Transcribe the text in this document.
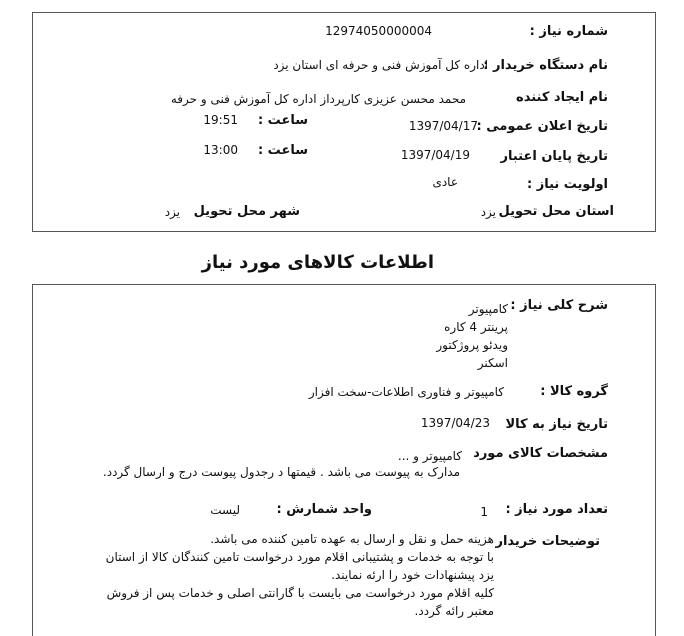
شماره نیاز :
12974050000004
نام دستگاه خریدار :
اداره کل آموزش فنی و حرفه ای استان یزد
نام ایجاد کننده
محمد محسن عزیزی کارپرداز اداره کل آموزش فنی و حرفه
تاریخ اعلان عمومی :
1397/04/17
ساعت :
19:51
تاریخ پایان اعتبار
1397/04/19
ساعت :
13:00
اولویت نیاز :
عادی
استان محل تحویل
یزد
شهر محل تحویل
یزد
اطلاعات کالاهای مورد نیاز
شرح کلی نیاز :
کامپیوتر
پرینتر 4 کاره
ویدئو پروژکتور
اسکنر
گروه کالا :
کامپیوتر و فناوری اطلاعات-سخت افزار
تاریخ نیاز به کالا
1397/04/23
مشخصات کالای مورد
کامپیوتر و ...
مدارک به پیوست می باشد . قیمتها د رجدول پیوست درج و ارسال گردد.
تعداد مورد نیاز :
1
واحد شمارش :
لیست
توضیحات خریدار
هزینه حمل و نقل و ارسال به عهده تامین کننده می باشد.
با توجه به خدمات و پشتیبانی اقلام مورد درخواست تامین کنندگان کالا از استان
یزد پیشنهادات خود را ارئه نمایند.
کلیه اقلام مورد درخواست می بایست با گارانتی اصلی و خدمات پس از فروش
معتبر رائه گردد.
